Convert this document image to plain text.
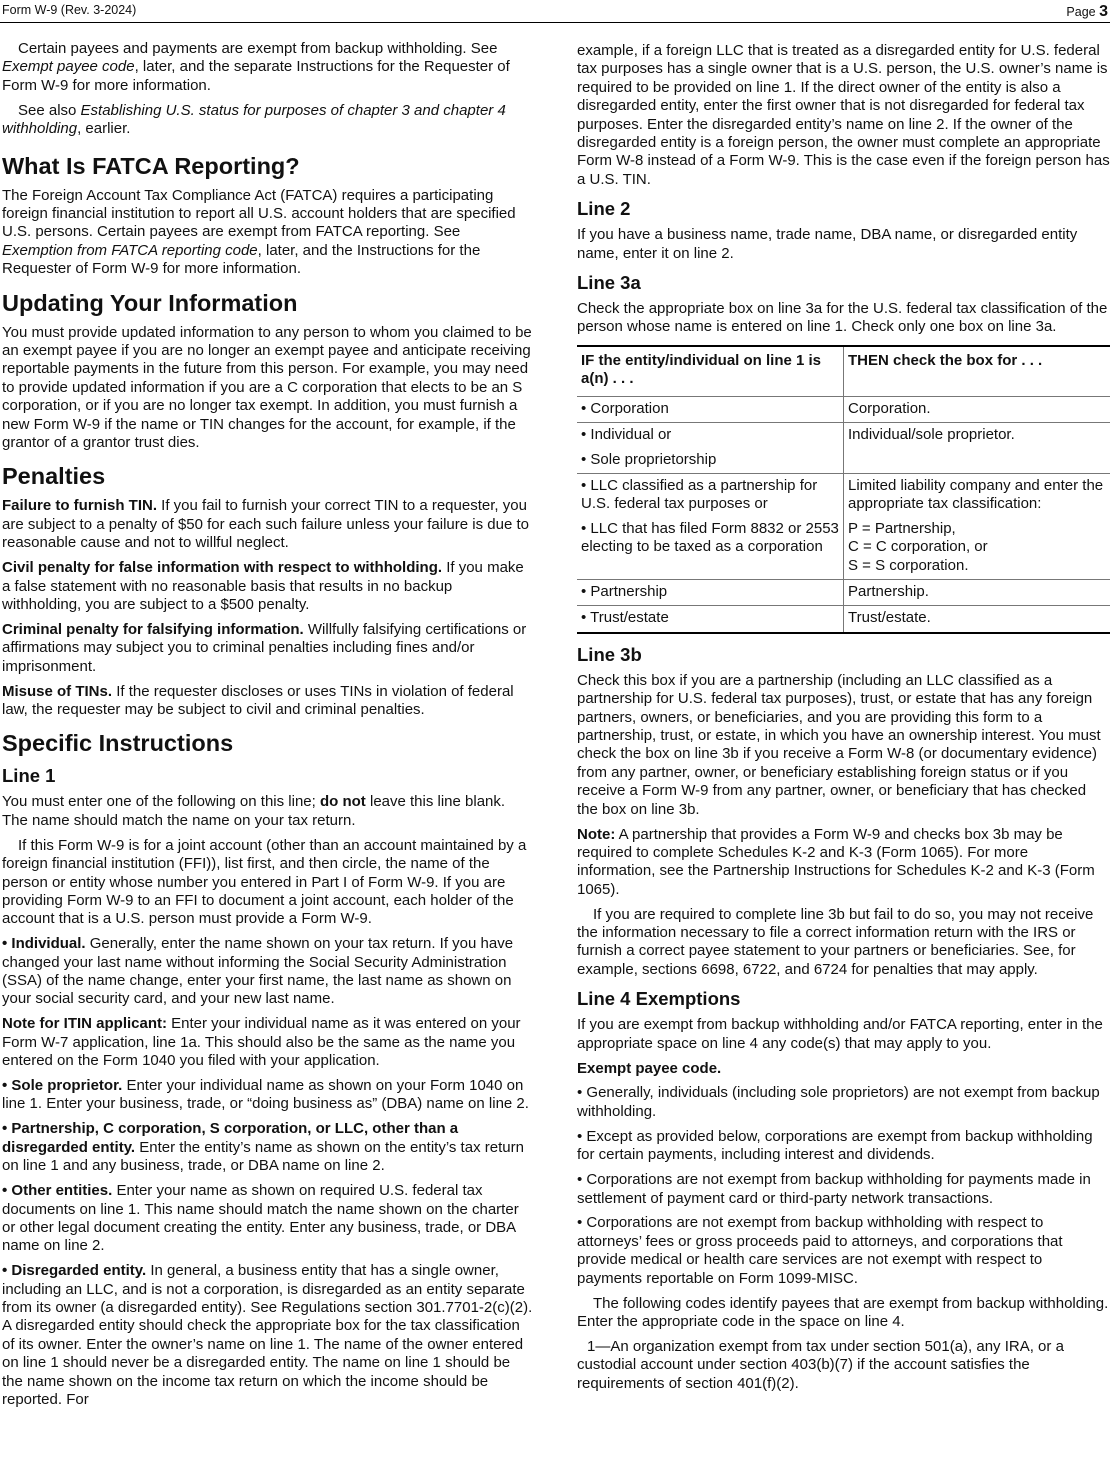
Form W-9 (Rev. 3-2024)	Page 3

Certain payees and payments are exempt from backup withholding. See Exempt payee code, later, and the separate Instructions for the Requester of Form W-9 for more information.

See also Establishing U.S. status for purposes of chapter 3 and chapter 4 withholding, earlier.

What Is FATCA Reporting?

The Foreign Account Tax Compliance Act (FATCA) requires a participating foreign financial institution to report all U.S. account holders that are specified U.S. persons. Certain payees are exempt from FATCA reporting. See Exemption from FATCA reporting code, later, and the Instructions for the Requester of Form W-9 for more information.

Updating Your Information

You must provide updated information to any person to whom you claimed to be an exempt payee if you are no longer an exempt payee and anticipate receiving reportable payments in the future from this person. For example, you may need to provide updated information if you are a C corporation that elects to be an S corporation, or if you are no longer tax exempt. In addition, you must furnish a new Form W-9 if the name or TIN changes for the account, for example, if the grantor of a grantor trust dies.

Penalties

Failure to furnish TIN. If you fail to furnish your correct TIN to a requester, you are subject to a penalty of $50 for each such failure unless your failure is due to reasonable cause and not to willful neglect.

Civil penalty for false information with respect to withholding. If you make a false statement with no reasonable basis that results in no backup withholding, you are subject to a $500 penalty.

Criminal penalty for falsifying information. Willfully falsifying certifications or affirmations may subject you to criminal penalties including fines and/or imprisonment.

Misuse of TINs. If the requester discloses or uses TINs in violation of federal law, the requester may be subject to civil and criminal penalties.

Specific Instructions
Line 1

You must enter one of the following on this line; do not leave this line blank. The name should match the name on your tax return.

If this Form W-9 is for a joint account (other than an account maintained by a foreign financial institution (FFI)), list first, and then circle, the name of the person or entity whose number you entered in Part I of Form W-9. If you are providing Form W-9 to an FFI to document a joint account, each holder of the account that is a U.S. person must provide a Form W-9.

• Individual. Generally, enter the name shown on your tax return. If you have changed your last name without informing the Social Security Administration (SSA) of the name change, enter your first name, the last name as shown on your social security card, and your new last name.

Note for ITIN applicant: Enter your individual name as it was entered on your Form W-7 application, line 1a. This should also be the same as the name you entered on the Form 1040 you filed with your application.

• Sole proprietor. Enter your individual name as shown on your Form 1040 on line 1. Enter your business, trade, or “doing business as” (DBA) name on line 2.

• Partnership, C corporation, S corporation, or LLC, other than a disregarded entity. Enter the entity’s name as shown on the entity’s tax return on line 1 and any business, trade, or DBA name on line 2.

• Other entities. Enter your name as shown on required U.S. federal tax documents on line 1. This name should match the name shown on the charter or other legal document creating the entity. Enter any business, trade, or DBA name on line 2.

• Disregarded entity. In general, a business entity that has a single owner, including an LLC, and is not a corporation, is disregarded as an entity separate from its owner (a disregarded entity). See Regulations section 301.7701-2(c)(2). A disregarded entity should check the appropriate box for the tax classification of its owner. Enter the owner’s name on line 1. The name of the owner entered on line 1 should never be a disregarded entity. The name on line 1 should be the name shown on the income tax return on which the income should be reported. For

example, if a foreign LLC that is treated as a disregarded entity for U.S. federal tax purposes has a single owner that is a U.S. person, the U.S. owner’s name is required to be provided on line 1. If the direct owner of the entity is also a disregarded entity, enter the first owner that is not disregarded for federal tax purposes. Enter the disregarded entity’s name on line 2. If the owner of the disregarded entity is a foreign person, the owner must complete an appropriate Form W-8 instead of a Form W-9. This is the case even if the foreign person has a U.S. TIN.

Line 2

If you have a business name, trade name, DBA name, or disregarded entity name, enter it on line 2.

Line 3a

Check the appropriate box on line 3a for the U.S. federal tax classification of the person whose name is entered on line 1. Check only one box on line 3a.

IF the entity/individual on line 1 is a(n) . . .	THEN check the box for . . .
• Corporation	Corporation.

• Individual or
• Sole proprietorship	Individual/sole proprietor.

• LLC classified as a partnership for U.S. federal tax purposes or
• LLC that has filed Form 8832 or 2553 electing to be taxed as a corporation	Limited liability company and enter the appropriate tax classification:
P = Partnership,
C = C corporation, or
S = S corporation.

• Partnership	Partnership.
• Trust/estate	Trust/estate.
Line 3b

Check this box if you are a partnership (including an LLC classified as a partnership for U.S. federal tax purposes), trust, or estate that has any foreign partners, owners, or beneficiaries, and you are providing this form to a partnership, trust, or estate, in which you have an ownership interest. You must check the box on line 3b if you receive a Form W-8 (or documentary evidence) from any partner, owner, or beneficiary establishing foreign status or if you receive a Form W-9 from any partner, owner, or beneficiary that has checked the box on line 3b.

Note: A partnership that provides a Form W-9 and checks box 3b may be required to complete Schedules K-2 and K-3 (Form 1065). For more information, see the Partnership Instructions for Schedules K-2 and K-3 (Form 1065).

If you are required to complete line 3b but fail to do so, you may not receive the information necessary to file a correct information return with the IRS or furnish a correct payee statement to your partners or beneficiaries. See, for example, sections 6698, 6722, and 6724 for penalties that may apply.

Line 4 Exemptions

If you are exempt from backup withholding and/or FATCA reporting, enter in the appropriate space on line 4 any code(s) that may apply to you.

Exempt payee code.

• Generally, individuals (including sole proprietors) are not exempt from backup withholding.

• Except as provided below, corporations are exempt from backup withholding for certain payments, including interest and dividends.

• Corporations are not exempt from backup withholding for payments made in settlement of payment card or third-party network transactions.

• Corporations are not exempt from backup withholding with respect to attorneys’ fees or gross proceeds paid to attorneys, and corporations that provide medical or health care services are not exempt with respect to payments reportable on Form 1099-MISC.

The following codes identify payees that are exempt from backup withholding. Enter the appropriate code in the space on line 4.

1—An organization exempt from tax under section 501(a), any IRA, or a custodial account under section 403(b)(7) if the account satisfies the requirements of section 401(f)(2).
